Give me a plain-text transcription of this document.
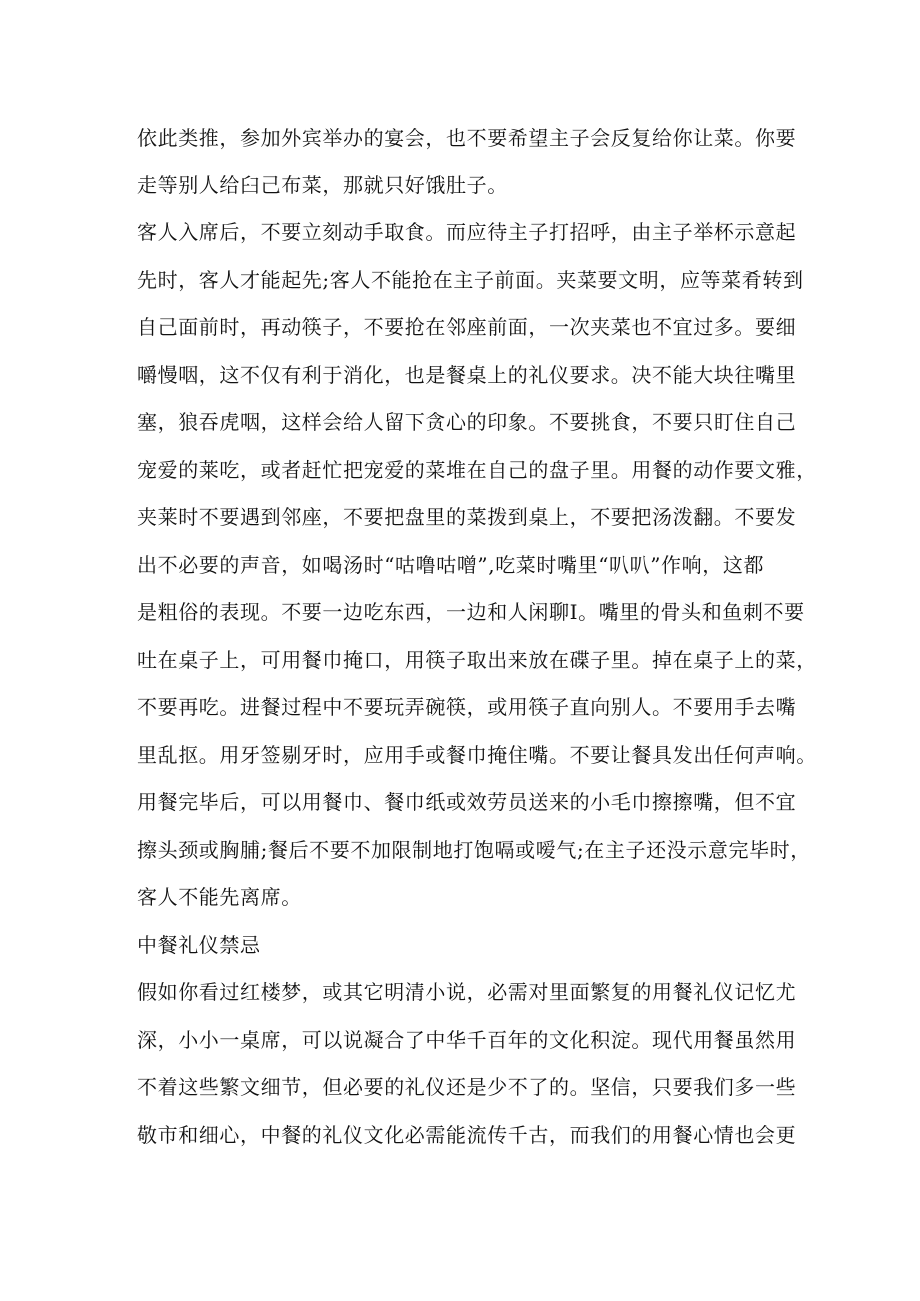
依此类推，参加外宾举办的宴会，也不要希望主子会反复给你让菜。你要
走等别人给臼己布菜，那就只好饿肚子。
客人入席后，不要立刻动手取食。而应待主子打招呼，由主子举杯示意起
先时，客人才能起先;客人不能抢在主子前面。夹菜要文明，应等菜肴转到
自己面前时，再动筷子，不要抢在邻座前面，一次夹菜也不宜过多。要细
嚼慢咽，这不仅有利于消化，也是餐桌上的礼仪要求。决不能大块往嘴里
塞，狼吞虎咽，这样会给人留下贪心的印象。不要挑食，不要只盯住自己
宠爱的莱吃，或者赶忙把宠爱的菜堆在自己的盘子里。用餐的动作要文雅，
夹莱时不要遇到邻座，不要把盘里的菜拨到桌上，不要把汤泼翻。不要发
出不必要的声音，如喝汤时“咕噜咕噌”,吃菜时嘴里“叭叭”作响，这都
是粗俗的表现。不要一边吃东西，一边和人闲聊I。嘴里的骨头和鱼刺不要
吐在桌子上，可用餐巾掩口，用筷子取出来放在碟子里。掉在桌子上的菜，
不要再吃。进餐过程中不要玩弄碗筷，或用筷子直向别人。不要用手去嘴
里乱抠。用牙签剔牙时，应用手或餐巾掩住嘴。不要让餐具发出任何声响。
用餐完毕后，可以用餐巾、餐巾纸或效劳员送来的小毛巾擦擦嘴，但不宜
擦头颈或胸脯;餐后不要不加限制地打饱嗝或嗳气;在主子还没示意完毕时，
客人不能先离席。
中餐礼仪禁忌
假如你看过红楼梦，或其它明清小说，必需对里面繁复的用餐礼仪记忆尤
深，小小一桌席，可以说凝合了中华千百年的文化积淀。现代用餐虽然用
不着这些繁文细节，但必要的礼仪还是少不了的。坚信，只要我们多一些
敬市和细心，中餐的礼仪文化必需能流传千古，而我们的用餐心情也会更
